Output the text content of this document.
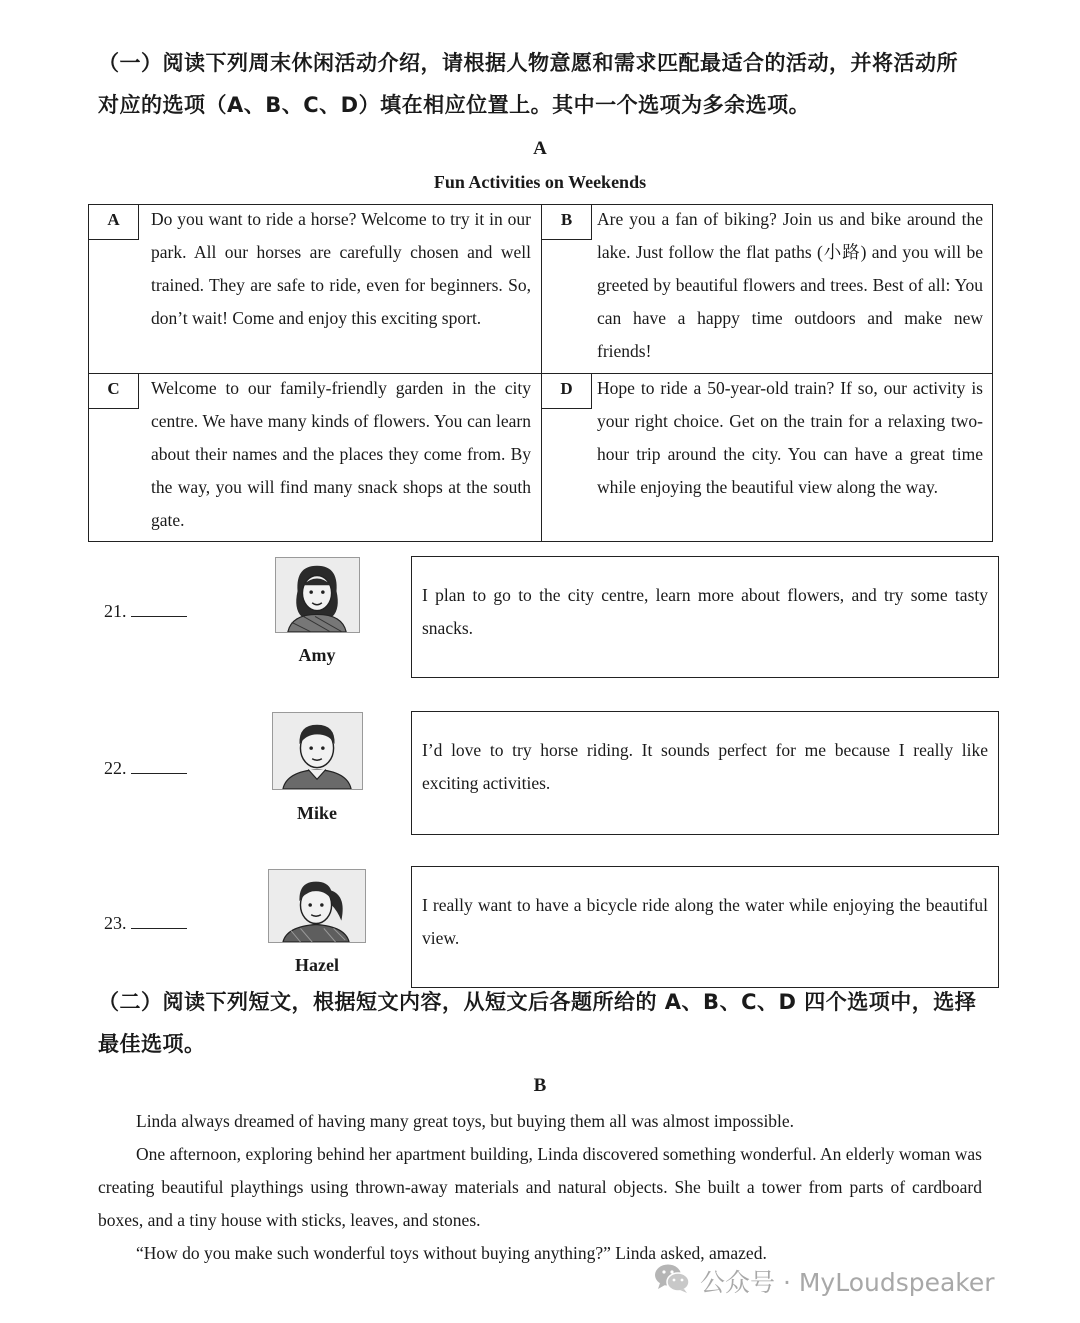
（一）阅读下列周末休闲活动介绍，请根据人物意愿和需求匹配最适合的活动，并将活动所
对应的选项（A、B、C、D）填在相应位置上。其中一个选项为多余选项。
A
Fun Activities on Weekends
A	Do you want to ride a horse? Welcome to try it in our park. All our horses are carefully chosen and well trained. They are safe to ride, even for beginners. So, don’t wait! Come and enjoy this exciting sport.
B	Are you a fan of biking? Join us and bike around the lake. Just follow the flat paths (小路) and you will be greeted by beautiful flowers and trees. Best of all: You can have a happy time outdoors and make new friends!
C	Welcome to our family-friendly garden in the city centre. We have many kinds of flowers. You can learn about their names and the places they come from. By the way, you will find many snack shops at the south gate.
D	Hope to ride a 50-year-old train? If so, our activity is your right choice. Get on the train for a relaxing two-hour trip around the city. You can have a great time while enjoying the beautiful view along the way.
21.
Amy
I plan to go to the city centre, learn more about flowers, and try some tasty snacks.
22.
Mike
I’d love to try horse riding. It sounds perfect for me because I really like exciting activities.
23.
Hazel
I really want to have a bicycle ride along the water while enjoying the beautiful view.
（二）阅读下列短文，根据短文内容，从短文后各题所给的 A、B、C、D 四个选项中，选择
最佳选项。
B
Linda always dreamed of having many great toys, but buying them all was almost impossible.
One afternoon, exploring behind her apartment building, Linda discovered something wonderful. An elderly woman was creating beautiful playthings using thrown-away materials and natural objects. She built a tower from parts of cardboard boxes, and a tiny house with sticks, leaves, and stones.
“How do you make such wonderful toys without buying anything?” Linda asked, amazed.
公众号 · MyLoudspeaker
